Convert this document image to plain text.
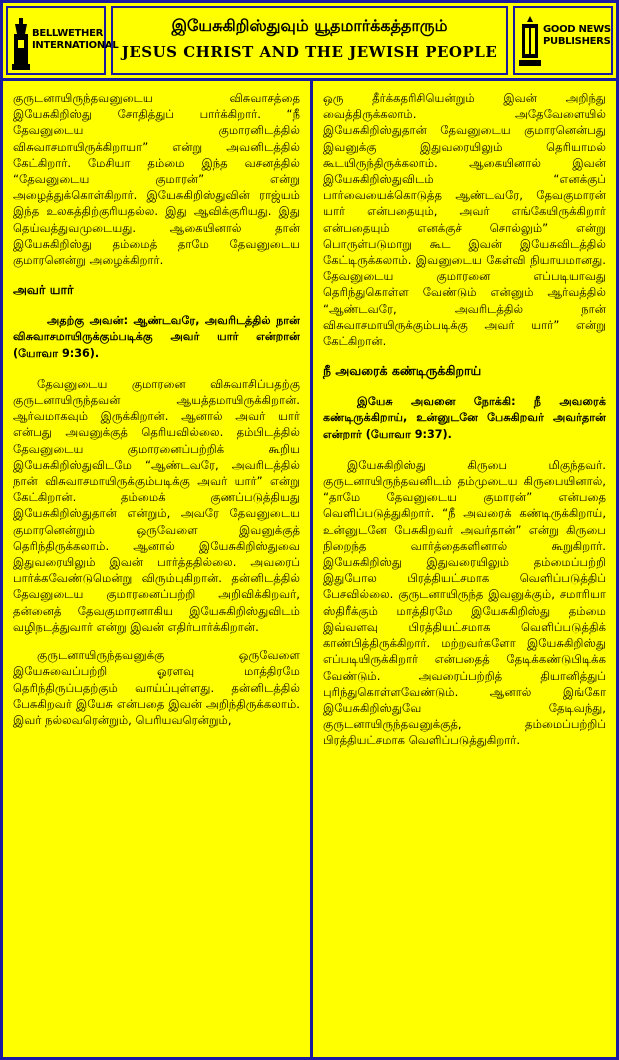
BELLWETHER INTERNATIONAL
இயேசுகிறிஸ்துவும் யூதமார்க்கத்தாரும்
JESUS CHRIST AND THE JEWISH PEOPLE
GOOD NEWS PUBLISHERS

குருடனாயிருந்தவனுடைய விசுவாசத்தை இயேசுகிறிஸ்து சோதித்துப் பார்க்கிறார். “நீ தேவனுடைய குமாரனிடத்தில் விசுவாசமாயிருக்கிறாயா” என்று அவனிடத்தில் கேட்கிறார். மேசியா தம்மை இந்த வசனத்தில் “தேவனுடைய குமாரன்” என்று அழைத்துக்கொள்கிறார். இயேசுகிறிஸ்துவின் ராஜ்யம் இந்த உலகத்திற்குரியதல்ல. இது ஆவிக்குரியது. இது தெய்வத்துவமுடையது. ஆகையினால் தான் இயேசுகிறிஸ்து தம்மைத் தாமே தேவனுடைய குமாரனென்று அழைக்கிறார்.

அவர் யார்

அதற்கு அவன்: ஆண்டவரே, அவரிடத்தில் நான் விசுவாசமாயிருக்கும்படிக்கு அவர் யார் என்றான் (யோவா 9:36).

தேவனுடைய குமாரனை விசுவாசிப்பதற்கு குருடனாயிருந்தவன் ஆயத்தமாயிருக்கிறான். ஆர்வமாகவும் இருக்கிறான். ஆனால் அவர் யார் என்பது அவனுக்குத் தெரியவில்லை. தம்பிடத்தில் தேவனுடைய குமாரனைப்பற்றிக் கூறிய இயேசுகிறிஸ்துவிடமே “ஆண்டவரே, அவரிடத்தில் நான் விசுவாசமாயிருக்கும்படிக்கு அவர் யார்” என்று கேட்கிறான். தம்மைக் குணப்படுத்தியது இயேசுகிறிஸ்துதான் என்றும், அவரே தேவனுடைய குமாரனென்றும் ஒருவேளை இவனுக்குத் தெரிந்திருக்கலாம். ஆனால் இயேசுகிறிஸ்துவை இதுவரையிலும் இவன் பார்த்ததில்லை. அவரைப் பார்க்கவேண்டுமென்று விரும்புகிறான். தன்னிடத்தில் தேவனுடைய குமாரனைப்பற்றி அறிவிக்கிறவர், தன்னைத் தேவகுமாரனாகிய இயேசுகிறிஸ்துவிடம் வழிநடத்துவார் என்று இவன் எதிர்பார்க்கிறான்.

குருடனாயிருந்தவனுக்கு ஒருவேளை இயேசுவைப்பற்றி ஓரளவு மாத்திரமே தெரிந்திருப்பதற்கும் வாய்ப்புள்ளது. தன்னிடத்தில் பேசுகிறவர் இயேசு என்பதை இவன் அறிந்திருக்கலாம். இவர் நல்லவரென்றும், பெரியவரென்றும்,

ஒரு தீர்க்கதரிசியென்றும் இவன் அறிந்து வைத்திருக்கலாம். அதேவேளையில் இயேசுகிறிஸ்துதான் தேவனுடைய குமாரனென்பது இவனுக்கு இதுவரையிலும் தெரியாமல் கூடயிருந்திருக்கலாம். ஆகையினால் இவன் இயேசுகிறிஸ்துவிடம் “எனக்குப் பார்வையைக்கொடுத்த ஆண்டவரே, தேவகுமாரன் யார் என்பதையும், அவர் எங்கேயிருக்கிறார் என்பதையும் எனக்குச் சொல்லும்” என்று பொருள்படுமாறு கூட இவன் இயேசுவிடத்தில் கேட்டிருக்கலாம். இவனுடைய கேள்வி நியாயமானது. தேவனுடைய குமாரனை எப்படியாவது தெரிந்துகொள்ள வேண்டும் என்னும் ஆர்வத்தில் “ஆண்டவரே, அவரிடத்தில் நான் விசுவாசமாயிருக்கும்படிக்கு அவர் யார்” என்று கேட்கிறான்.

நீ அவரைக் கண்டிருக்கிறாய்

இயேசு அவனை நோக்கி: நீ அவரைக் கண்டிருக்கிறாய், உன்னுடனே பேசுகிறவர் அவர்தான் என்றார் (யோவா 9:37).

இயேசுகிறிஸ்து கிருபை மிகுந்தவர். குருடனாயிருந்தவனிடம் தம்முடைய கிருபையினால், “தாமே தேவனுடைய குமாரன்” என்பதை வெளிப்படுத்துகிறார். “நீ அவரைக் கண்டிருக்கிறாய், உன்னுடனே பேசுகிறவர் அவர்தான்” என்று கிருபை நிறைந்த வார்த்தைகளினால் கூறுகிறார். இயேசுகிறிஸ்து இதுவரையிலும் தம்மைப்பற்றி இதுபோல பிரத்தியட்சமாக வெளிப்படுத்திப் பேசவில்லை. குருடனாயிருந்த இவனுக்கும், சமாரியா ஸ்திரீக்கும் மாத்திரமே இயேசுகிறிஸ்து தம்மை இவ்வளவு பிரத்தியட்சமாக வெளிப்படுத்திக் காண்பித்திருக்கிறார். மற்றவர்களோ இயேசுகிறிஸ்து எப்படியிருக்கிறார் என்பதைத் தேடிக்கண்டுபிடிக்க வேண்டும். அவரைப்பற்றித் தியானித்துப் புரிந்துகொள்ளவேண்டும். ஆனால் இங்கோ இயேசுகிறிஸ்துவே தேடிவந்து, குருடனாயிருந்தவனுக்குத், தம்மைப்பற்றிப் பிரத்தியட்சமாக வெளிப்படுத்துகிறார்.
